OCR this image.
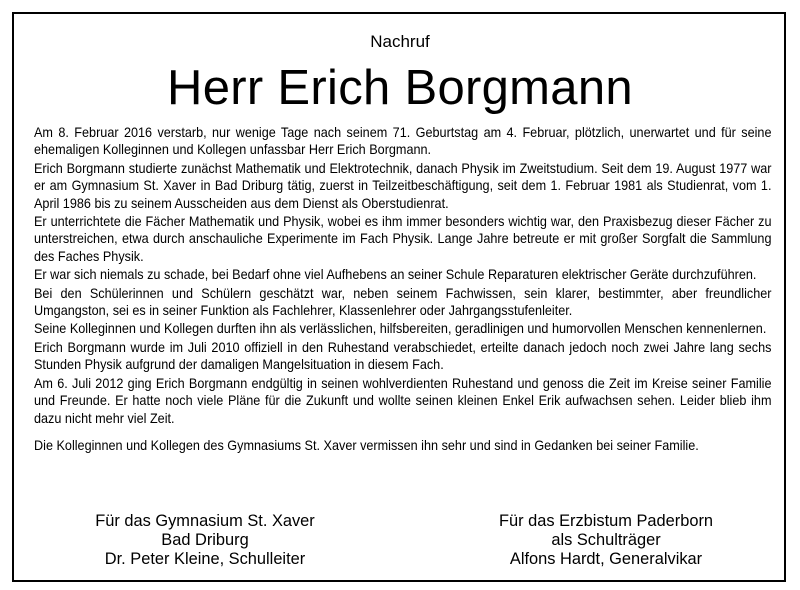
Nachruf
Herr Erich Borgmann

Am 8. Februar 2016 verstarb, nur wenige Tage nach seinem 71. Geburtstag am 4. Februar, plötzlich, unerwartet und für seine ehemaligen Kolleginnen und Kollegen unfassbar Herr Erich Borgmann.

Erich Borgmann studierte zunächst Mathematik und Elektrotechnik, danach Physik im Zweitstudium. Seit dem 19. August 1977 war er am Gymnasium St. Xaver in Bad Driburg tätig, zuerst in Teilzeitbeschäftigung, seit dem 1. Februar 1981 als Studienrat, vom 1. April 1986 bis zu seinem Ausscheiden aus dem Dienst als Oberstudienrat.

Er unterrichtete die Fächer Mathematik und Physik, wobei es ihm immer besonders wichtig war, den Praxisbezug dieser Fächer zu unterstreichen, etwa durch anschauliche Experimente im Fach Physik. Lange Jahre betreute er mit großer Sorgfalt die Sammlung des Faches Physik.

Er war sich niemals zu schade, bei Bedarf ohne viel Aufhebens an seiner Schule Reparaturen elektrischer Geräte durchzuführen.

Bei den Schülerinnen und Schülern geschätzt war, neben seinem Fachwissen, sein klarer, bestimmter, aber freundlicher Umgangston, sei es in seiner Funktion als Fachlehrer, Klassenlehrer oder Jahrgangsstufenleiter.

Seine Kolleginnen und Kollegen durften ihn als verlässlichen, hilfsbereiten, geradlinigen und humorvollen Menschen kennenlernen.

Erich Borgmann wurde im Juli 2010 offiziell in den Ruhestand verabschiedet, erteilte danach jedoch noch zwei Jahre lang sechs Stunden Physik aufgrund der damaligen Mangelsituation in diesem Fach.

Am 6. Juli 2012 ging Erich Borgmann endgültig in seinen wohlverdienten Ruhestand und genoss die Zeit im Kreise seiner Familie und Freunde. Er hatte noch viele Pläne für die Zukunft und wollte seinen kleinen Enkel Erik aufwachsen sehen. Leider blieb ihm dazu nicht mehr viel Zeit.

Die Kolleginnen und Kollegen des Gymnasiums St. Xaver vermissen ihn sehr und sind in Gedanken bei seiner Familie.

Für das Gymnasium St. Xaver
Bad Driburg
Dr. Peter Kleine, Schulleiter
Für das Erzbistum Paderborn
als Schulträger
Alfons Hardt, Generalvikar
